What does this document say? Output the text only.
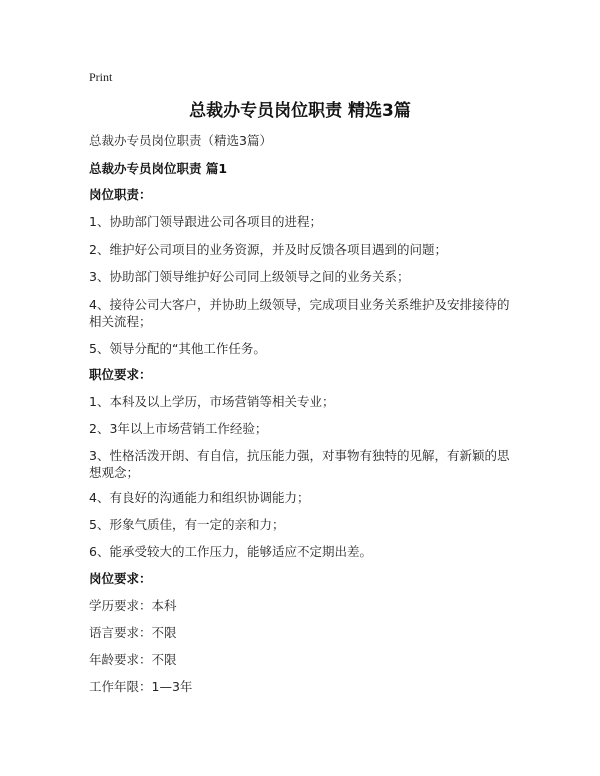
Print
总裁办专员岗位职责 精选3篇

总裁办专员岗位职责（精选3篇）

总裁办专员岗位职责 篇1

岗位职责：

1、协助部门领导跟进公司各项目的进程；

2、维护好公司项目的业务资源，并及时反馈各项目遇到的问题；

3、协助部门领导维护好公司同上级领导之间的业务关系；

4、接待公司大客户，并协助上级领导，完成项目业务关系维护及安排接待的相关流程；

5、领导分配的“其他工作任务。

职位要求：

1、本科及以上学历，市场营销等相关专业；

2、3年以上市场营销工作经验；

3、性格活泼开朗、有自信，抗压能力强，对事物有独特的见解，有新颖的思想观念；

4、有良好的沟通能力和组织协调能力；

5、形象气质佳，有一定的亲和力；

6、能承受较大的工作压力，能够适应不定期出差。

岗位要求：

学历要求：本科

语言要求：不限

年龄要求：不限

工作年限：1—3年
